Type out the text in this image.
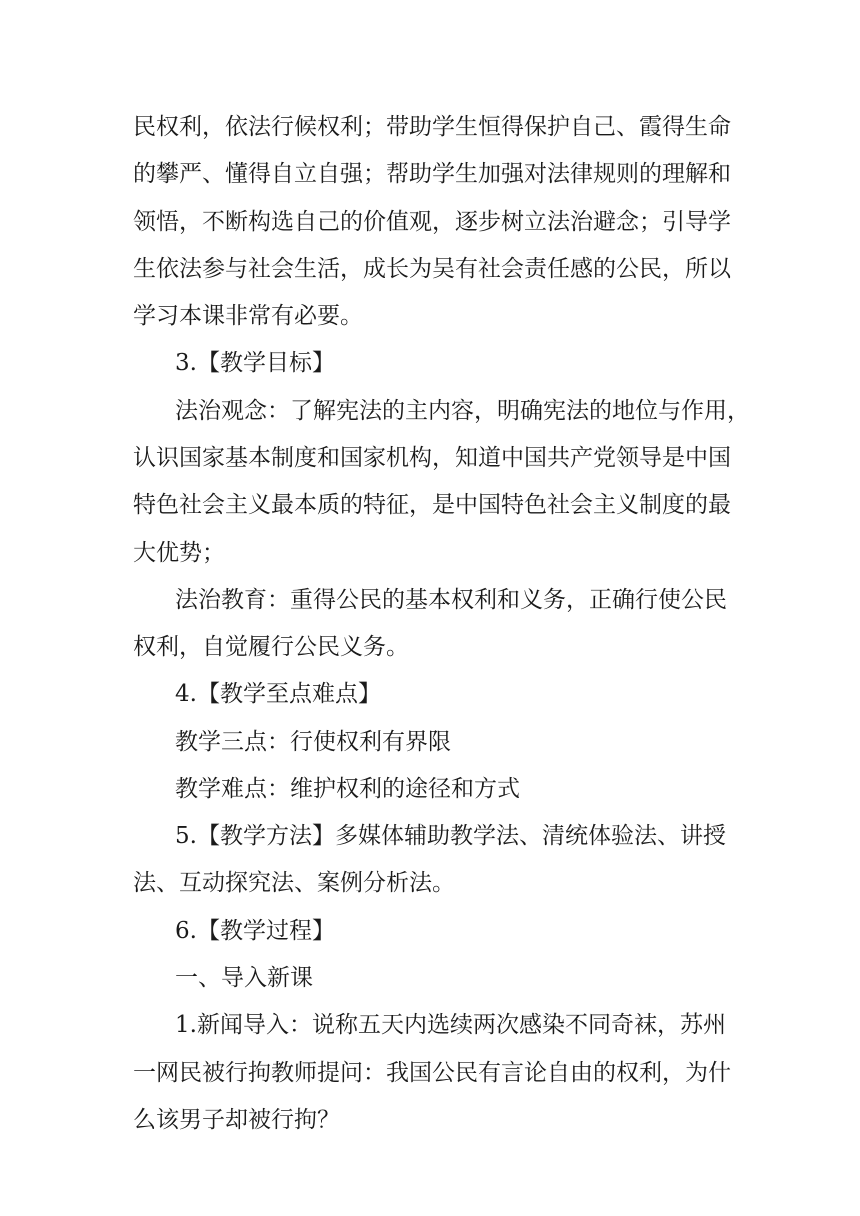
民权利，依法行候权利；带助学生恒得保护自己、霞得生命
的攀严、懂得自立自强；帮助学生加强对法律规则的理解和
领悟，不断构选自己的价值观，逐步树立法治避念；引导学
生依法参与社会生活，成长为吴有社会责任感的公民，所以
学习本课非常有必要。
3.【教学目标】
法治观念：了解宪法的主内容，明确宪法的地位与作用，
认识国家基本制度和国家机构，知道中国共产党领导是中国
特色社会主义最本质的特征，是中国特色社会主义制度的最
大优势；
法治教育：重得公民的基本权利和义务，正确行使公民
权利，自觉履行公民义务。
4.【教学至点难点】
教学三点：行使权利有界限
教学难点：维护权利的途径和方式
5.【教学方法】多媒体辅助教学法、清统体验法、讲授
法、互动探究法、案例分析法。
6.【教学过程】
一、导入新课
1.新闻导入：说称五天内选续两次感染不同奇袜，苏州
一网民被行拘教师提问：我国公民有言论自由的权利，为什
么该男子却被行拘？
